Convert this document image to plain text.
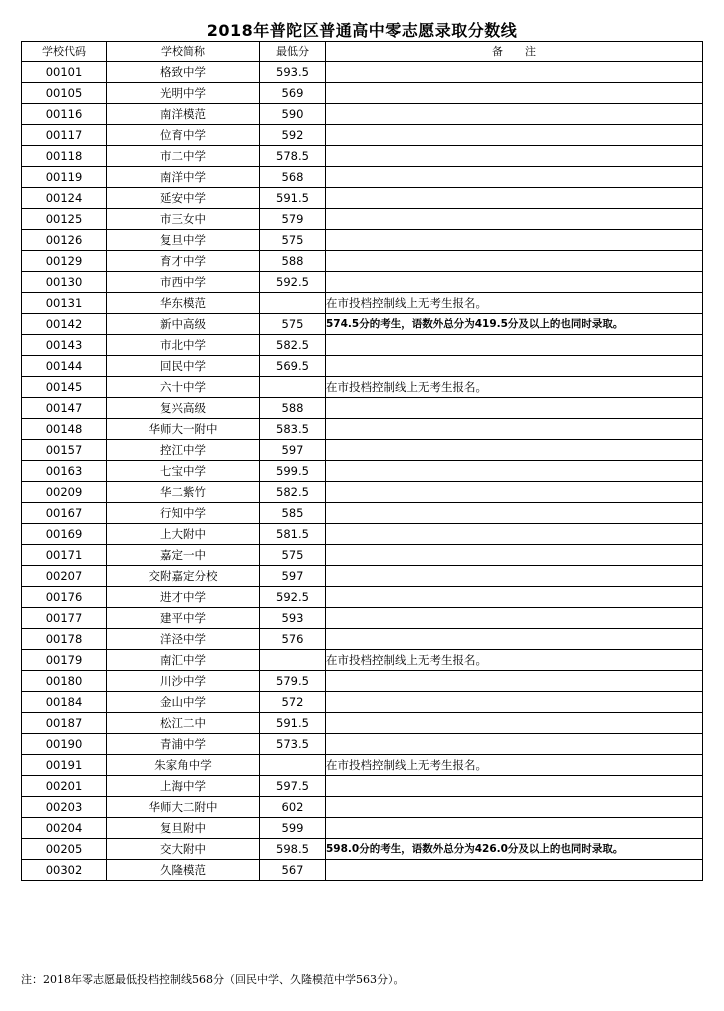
2018年普陀区普通高中零志愿录取分数线
学校代码	学校简称	最低分	备　　注
00101	格致中学	593.5	
00105	光明中学	569	
00116	南洋模范	590	
00117	位育中学	592	
00118	市二中学	578.5	
00119	南洋中学	568	
00124	延安中学	591.5	
00125	市三女中	579	
00126	复旦中学	575	
00129	育才中学	588	
00130	市西中学	592.5	
00131	华东模范		在市投档控制线上无考生报名。
00142	新中高级	575	574.5分的考生，语数外总分为419.5分及以上的也同时录取。
00143	市北中学	582.5	
00144	回民中学	569.5	
00145	六十中学		在市投档控制线上无考生报名。
00147	复兴高级	588	
00148	华师大一附中	583.5	
00157	控江中学	597	
00163	七宝中学	599.5	
00209	华二紫竹	582.5	
00167	行知中学	585	
00169	上大附中	581.5	
00171	嘉定一中	575	
00207	交附嘉定分校	597	
00176	进才中学	592.5	
00177	建平中学	593	
00178	洋泾中学	576	
00179	南汇中学		在市投档控制线上无考生报名。
00180	川沙中学	579.5	
00184	金山中学	572	
00187	松江二中	591.5	
00190	青浦中学	573.5	
00191	朱家角中学		在市投档控制线上无考生报名。
00201	上海中学	597.5	
00203	华师大二附中	602	
00204	复旦附中	599	
00205	交大附中	598.5	598.0分的考生，语数外总分为426.0分及以上的也同时录取。
00302	久隆模范	567	
注：2018年零志愿最低投档控制线568分（回民中学、久隆模范中学563分）。
